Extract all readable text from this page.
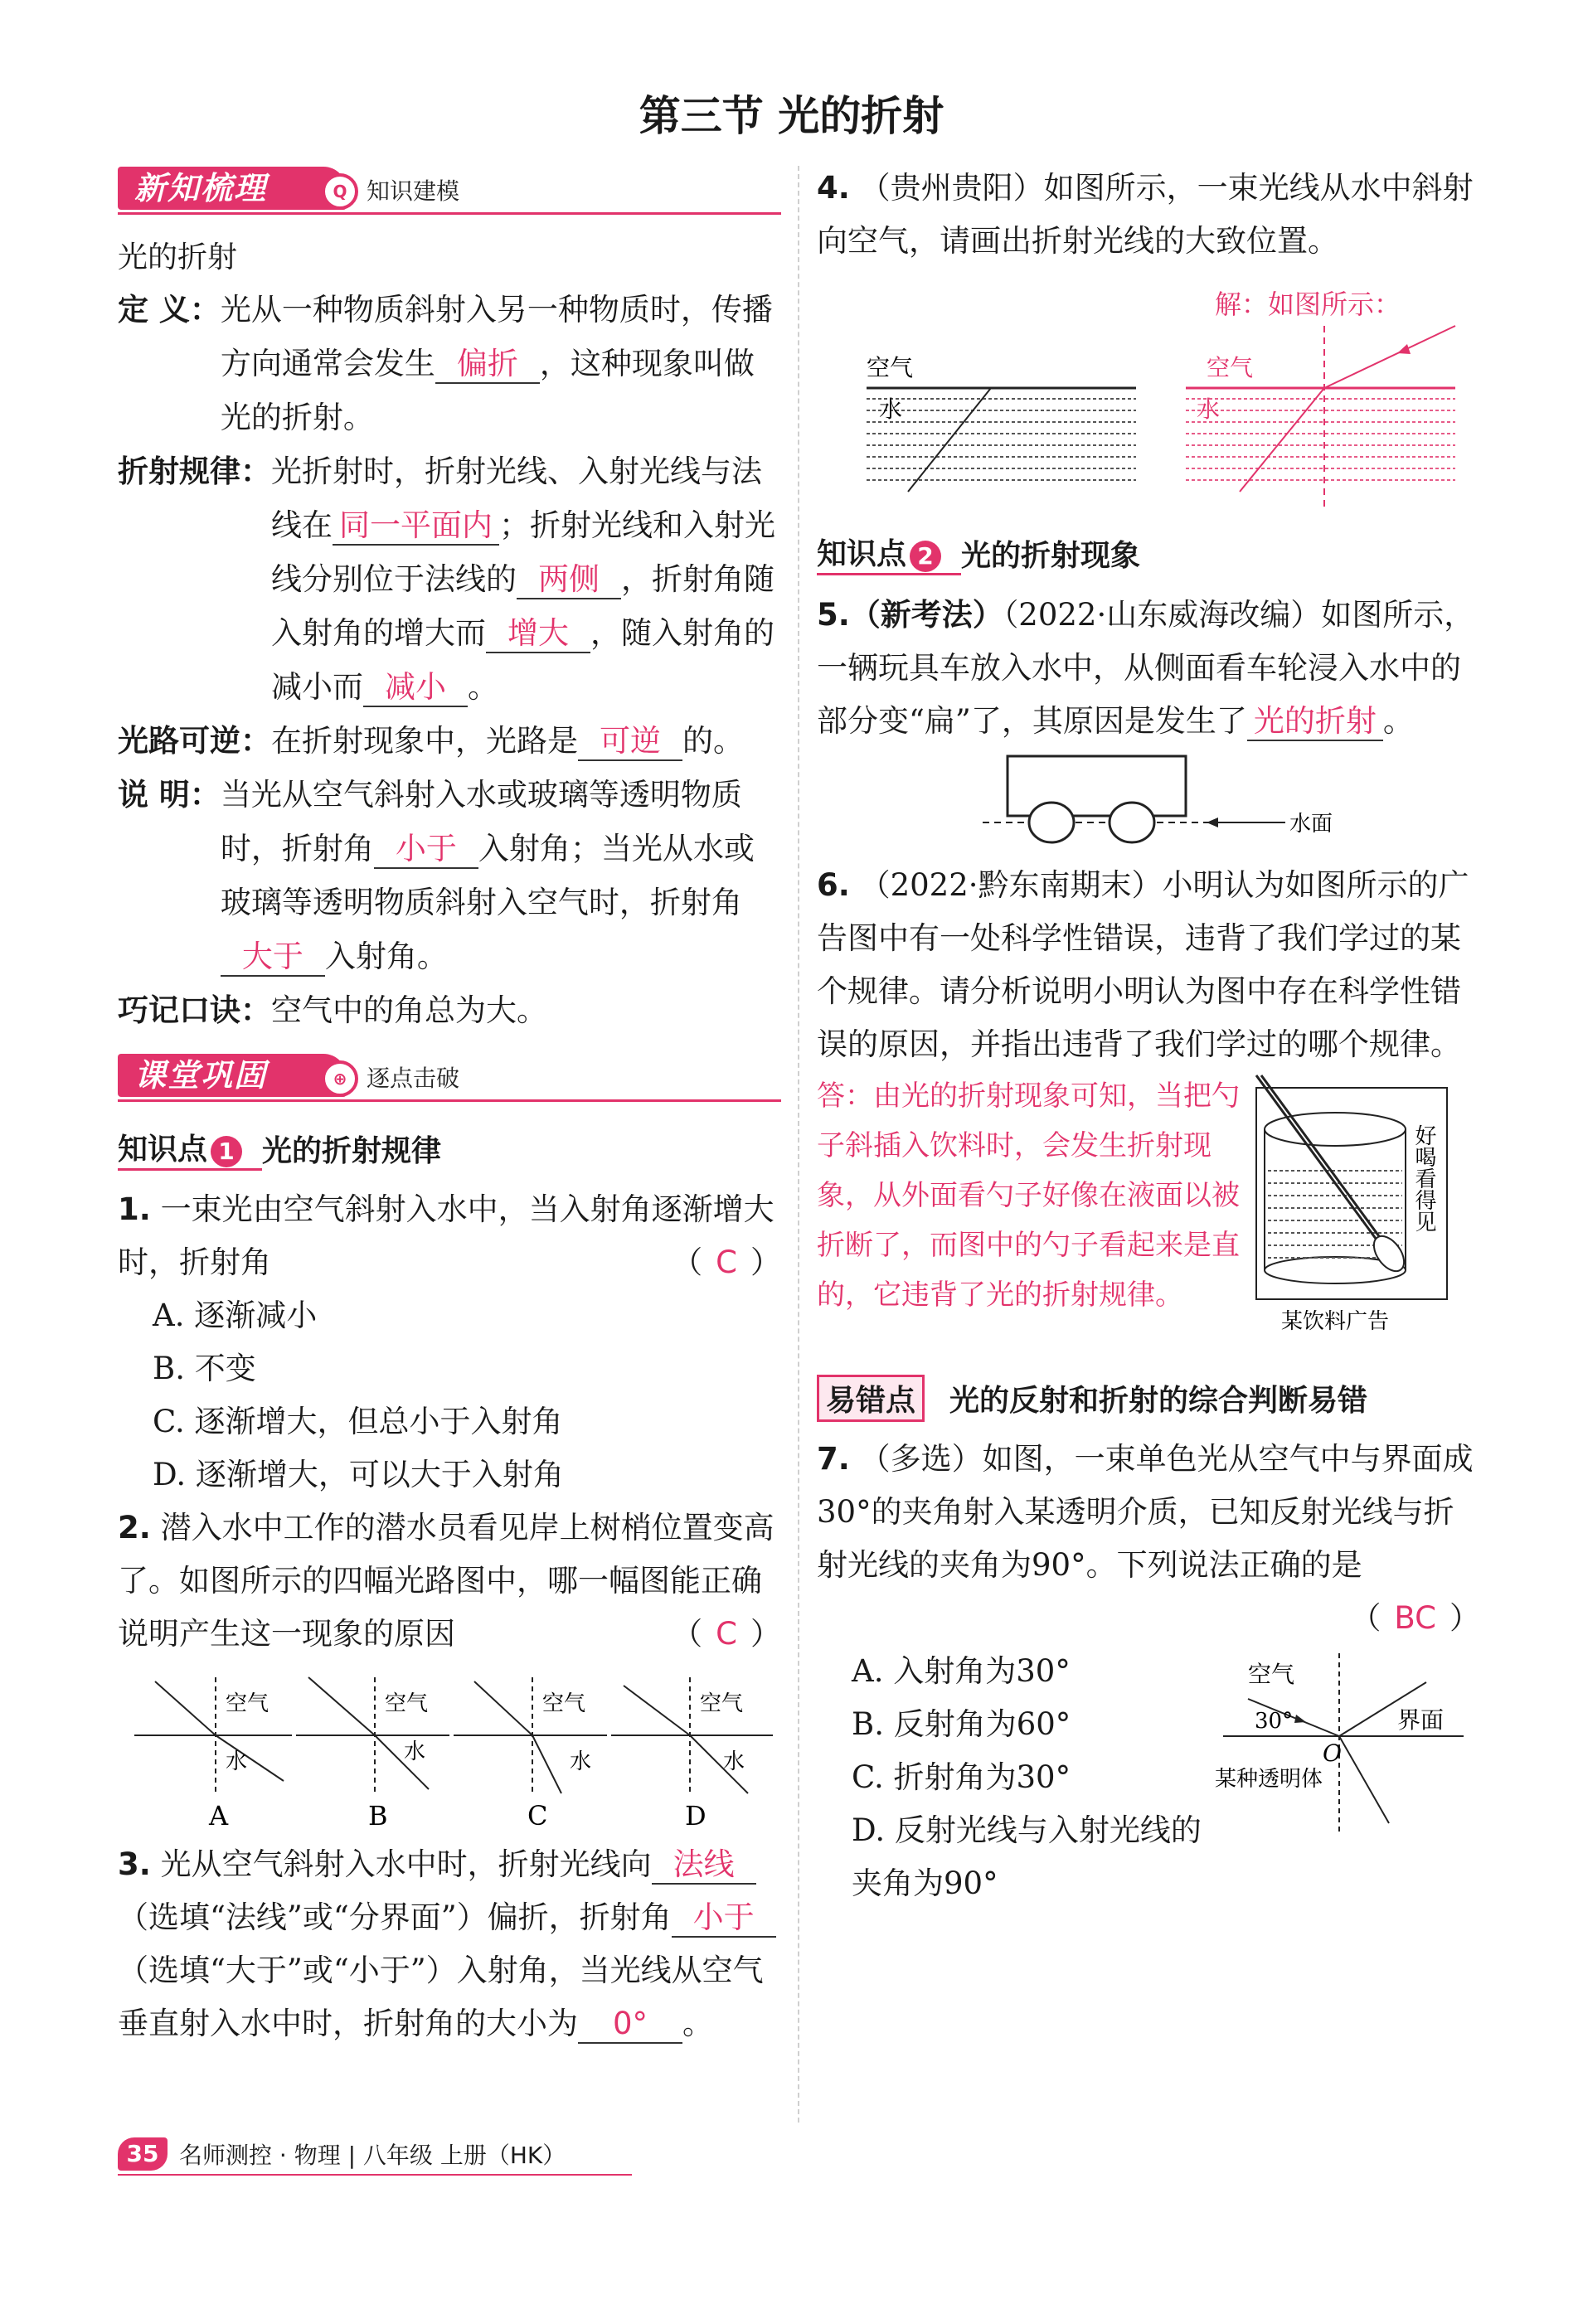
第三节 光的折射
新知梳理	Q 知识建模

光的折射

定 义： 光从一种物质斜射入另一种物质时，传播方向通常会发生 偏折 ，这种现象叫做光的折射。
折射规律： 光折射时，折射光线、入射光线与法线在 同一平面内 ；折射光线和入射光线分别位于法线的 两侧 ，折射角随入射角的增大而 增大 ，随入射角的减小而 减小 。
光路可逆： 在折射现象中，光路是 可逆 的。
说 明： 当光从空气斜射入水或玻璃等透明物质时，折射角 小于 入射角；当光从水或玻璃等透明物质斜射入空气时，折射角大于 入射角。
巧记口诀： 空气中的角总为大。
课堂巩固	⊕ 逐点击破
知识点 1 光的折射规律
1. 一束光由空气斜射入水中，当入射角逐渐增大时，折射角	（ C ）
A. 逐渐减小
B. 不变
C. 逐渐增大，但总小于入射角
D. 逐渐增大，可以大于入射角
2. 潜入水中工作的潜水员看见岸上树梢位置变高了。如图所示的四幅光路图中，哪一幅图能正确说明产生这一现象的原因	（ C ）
空气
水
A
空气
水
B
空气
水
C
空气
水
D
3. 光从空气斜射入水中时，折射光线向 法线（选填“法线”或“分界面”）偏折，折射角 小于（选填“大于”或“小于”）入射角，当光线从空气垂直射入水中时，折射角的大小为 0° 。
4. （贵州贵阳）如图所示，一束光线从水中斜射向空气，请画出折射光线的大致位置。
解：如图所示：
空气
水
空气
水
知识点 2 光的折射现象
5.（新考法）（2022·山东威海改编）如图所示，一辆玩具车放入水中，从侧面看车轮浸入水中的部分变“扁”了，其原因是发生了 光的折射 。
水面
6. （2022·黔东南期末）小明认为如图所示的广告图中有一处科学性错误，违背了我们学过的某个规律。请分析说明小明认为图中存在科学性错误的原因，并指出违背了我们学过的哪个规律。
答：由光的折射现象可知，当把勺子斜插入饮料时，会发生折射现象，从外面看勺子好像在液面以被折断了，而图中的勺子看起来是直的，它违背了光的折射规律。
好喝看得见
某饮料广告
易错点	光的反射和折射的综合判断易错
7. （多选）如图，一束单色光从空气中与界面成30°的夹角射入某透明介质，已知反射光线与折射光线的夹角为90°。下列说法正确的是
（ BC ）
A. 入射角为30°
B. 反射角为60°
C. 折射角为30°
D. 反射光线与入射光线的夹角为90°
空气
30°	界面
O
某种透明体
35 名师测控 · 物理 | 八年级 上册（HK）
